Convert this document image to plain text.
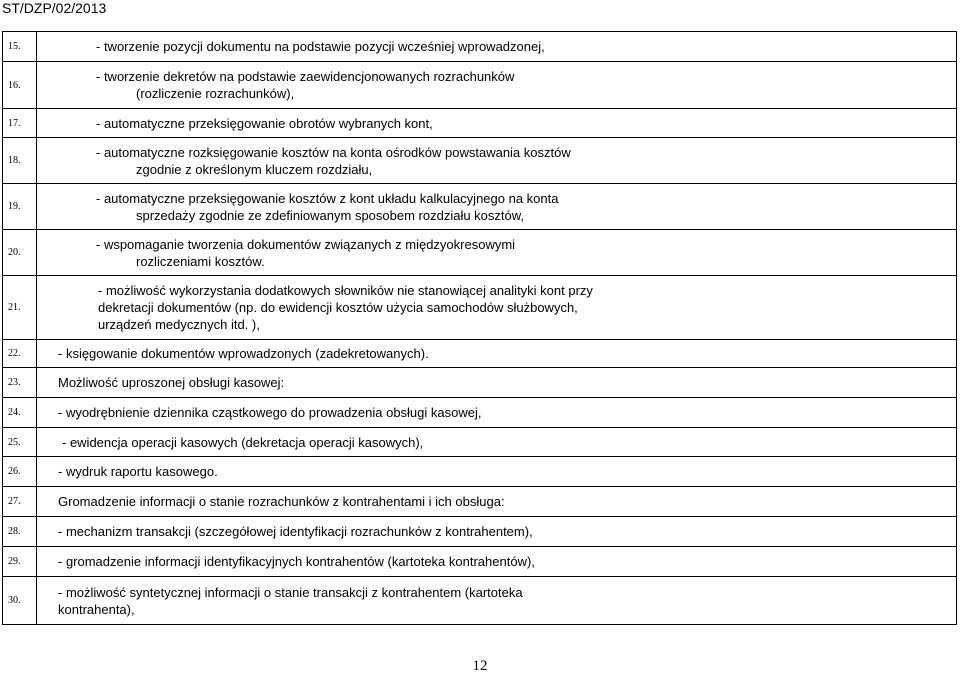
ST/DZP/02/2013
15.	- tworzenie pozycji dokumentu na podstawie pozycji wcześniej wprowadzonej,

16.	- tworzenie dekretów na podstawie zaewidencjonowanych rozrachunków
(rozliczenie rozrachunków),

17.	- automatyczne przeksięgowanie obrotów wybranych kont,

18.	- automatyczne rozksięgowanie kosztów na konta ośrodków powstawania kosztów
zgodnie z określonym kluczem rozdziału,

19.	- automatyczne przeksięgowanie kosztów z kont układu kalkulacyjnego na konta
sprzedaży zgodnie ze zdefiniowanym sposobem rozdziału kosztów,

20.	- wspomaganie tworzenia dokumentów związanych z międzyokresowymi
rozliczeniami kosztów.

21.	- możliwość wykorzystania dodatkowych słowników nie stanowiącej analityki kont przy
dekretacji dokumentów (np. do ewidencji kosztów użycia samochodów służbowych,
urządzeń medycznych itd. ),

22.	- księgowanie dokumentów wprowadzonych (zadekretowanych).

23.	Możliwość uproszonej obsługi kasowej:

24.	- wyodrębnienie dziennika cząstkowego do prowadzenia obsługi kasowej,

25.	- ewidencja operacji kasowych (dekretacja operacji kasowych),

26.	- wydruk raportu kasowego.

27.	Gromadzenie informacji o stanie rozrachunków z kontrahentami i ich obsługa:

28.	- mechanizm transakcji (szczegółowej identyfikacji rozrachunków z kontrahentem),

29.	- gromadzenie informacji identyfikacyjnych kontrahentów (kartoteka kontrahentów),

30.	- możliwość syntetycznej informacji o stanie transakcji z kontrahentem (kartoteka
kontrahenta),
12
